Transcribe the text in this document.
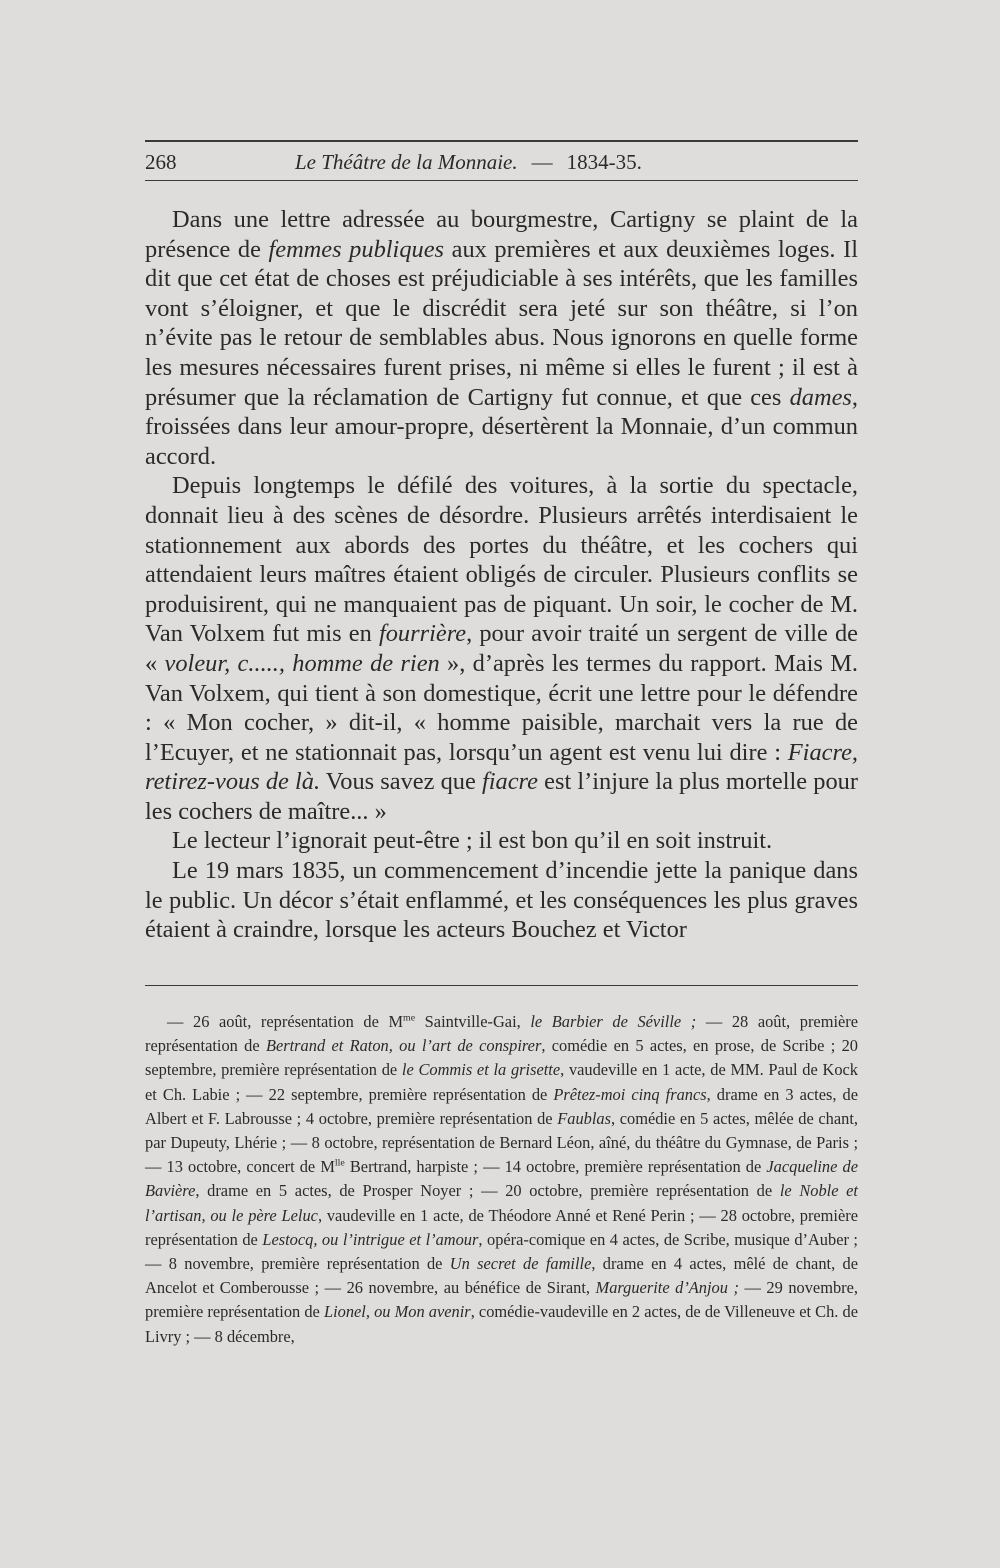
268	Le Théâtre de la Monnaie. — 1834-35.

Dans une lettre adressée au bourgmestre, Cartigny se plaint de la présence de femmes publiques aux premières et aux deuxièmes loges. Il dit que cet état de choses est préjudiciable à ses intérêts, que les familles vont s’éloigner, et que le discrédit sera jeté sur son théâtre, si l’on n’évite pas le retour de semblables abus. Nous ignorons en quelle forme les mesures nécessaires furent prises, ni même si elles le furent ; il est à présumer que la réclamation de Cartigny fut connue, et que ces dames, froissées dans leur amour-propre, désertèrent la Monnaie, d’un commun accord.

Depuis longtemps le défilé des voitures, à la sortie du spectacle, donnait lieu à des scènes de désordre. Plusieurs arrêtés interdisaient le stationnement aux abords des portes du théâtre, et les cochers qui attendaient leurs maîtres étaient obligés de circuler. Plusieurs conflits se produisirent, qui ne manquaient pas de piquant. Un soir, le cocher de M. Van Volxem fut mis en fourrière, pour avoir traité un sergent de ville de « voleur, c....., homme de rien », d’après les termes du rapport. Mais M. Van Volxem, qui tient à son domestique, écrit une lettre pour le défendre : « Mon cocher, » dit-il, « homme paisible, marchait vers la rue de l’Ecuyer, et ne stationnait pas, lorsqu’un agent est venu lui dire : Fiacre, retirez-vous de là. Vous savez que fiacre est l’injure la plus mortelle pour les cochers de maître... »

Le lecteur l’ignorait peut-être ; il est bon qu’il en soit instruit.

Le 19 mars 1835, un commencement d’incendie jette la panique dans le public. Un décor s’était enflammé, et les conséquences les plus graves étaient à craindre, lorsque les acteurs Bouchez et Victor

— 26 août, représentation de $M^{me}$ Saintville-Gai, le Barbier de Séville ; — 28 août, première représentation de Bertrand et Raton, ou l’art de conspirer, comédie en 5 actes, en prose, de Scribe ; 20 septembre, première représentation de le Commis et la grisette, vaudeville en 1 acte, de MM. Paul de Kock et Ch. Labie ; — 22 septembre, première représentation de Prêtez-moi cinq francs, drame en 3 actes, de Albert et F. Labrousse ; 4 octobre, première représentation de Faublas, comédie en 5 actes, mêlée de chant, par Dupeuty, Lhérie ; — 8 octobre, représentation de Bernard Léon, aîné, du théâtre du Gymnase, de Paris ; — 13 octobre, concert de $M^{lle}$ Bertrand, harpiste ; — 14 octobre, première représentation de Jacqueline de Bavière, drame en 5 actes, de Prosper Noyer ; — 20 octobre, première représentation de le Noble et l’artisan, ou le père Leluc, vaudeville en 1 acte, de Théodore Anné et René Perin ; — 28 octobre, première représentation de Lestocq, ou l’intrigue et l’amour, opéra-comique en 4 actes, de Scribe, musique d’Auber ; — 8 novembre, première représentation de Un secret de famille, drame en 4 actes, mêlé de chant, de Ancelot et Comberousse ; — 26 novembre, au bénéfice de Sirant, Marguerite d’Anjou ; — 29 novembre, première représentation de Lionel, ou Mon avenir, comédie-vaudeville en 2 actes, de de Villeneuve et Ch. de Livry ; — 8 décembre,
